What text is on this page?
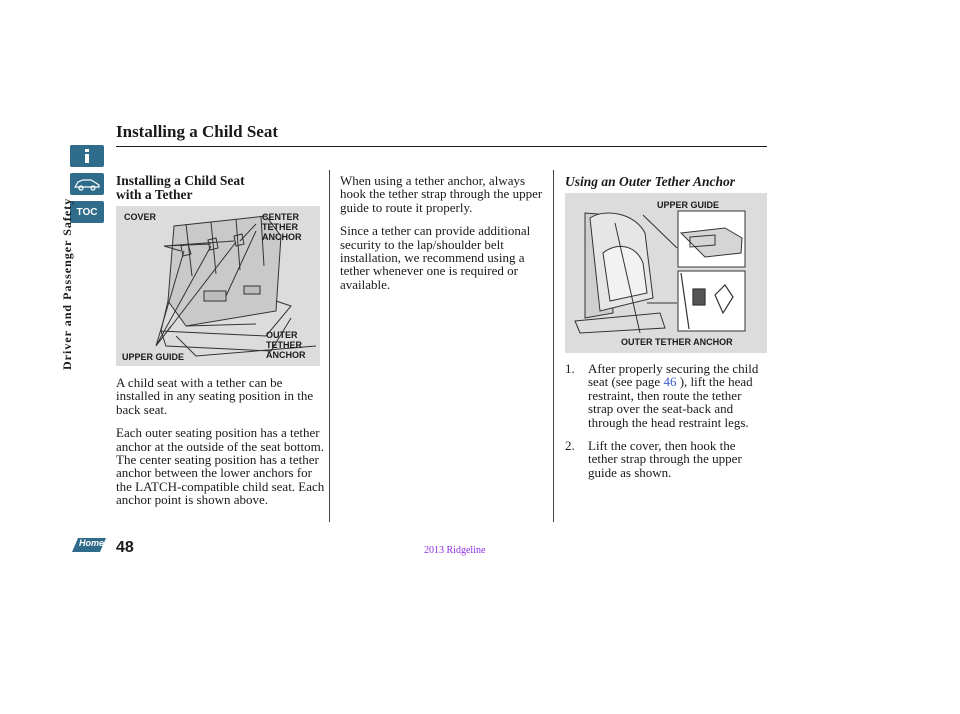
TOC
Driver and Passenger Safety
Installing a Child Seat
Installing a Child Seat
with a Tether
COVER	CENTER
TETHER
ANCHOR
OUTER
TETHER
ANCHOR
UPPER GUIDE

A child seat with a tether can be installed in any seating position in the back seat.

Each outer seating position has a tether anchor at the outside of the seat bottom. The center seating position has a tether anchor between the lower anchors for the LATCH-compatible child seat. Each anchor point is shown above.

When using a tether anchor, always hook the tether strap through the upper guide to route it properly.

Since a tether can provide additional security to the lap/shoulder belt installation, we recommend using a tether whenever one is required or available.

Using an Outer Tether Anchor
UPPER GUIDE
OUTER TETHER ANCHOR
1. After properly securing the child seat (see page 46 ), lift the head restraint, then route the tether strap over the seat-back and through the head restraint legs.
2. Lift the cover, then hook the tether strap through the upper guide as shown.
Home 48	2013 Ridgeline
